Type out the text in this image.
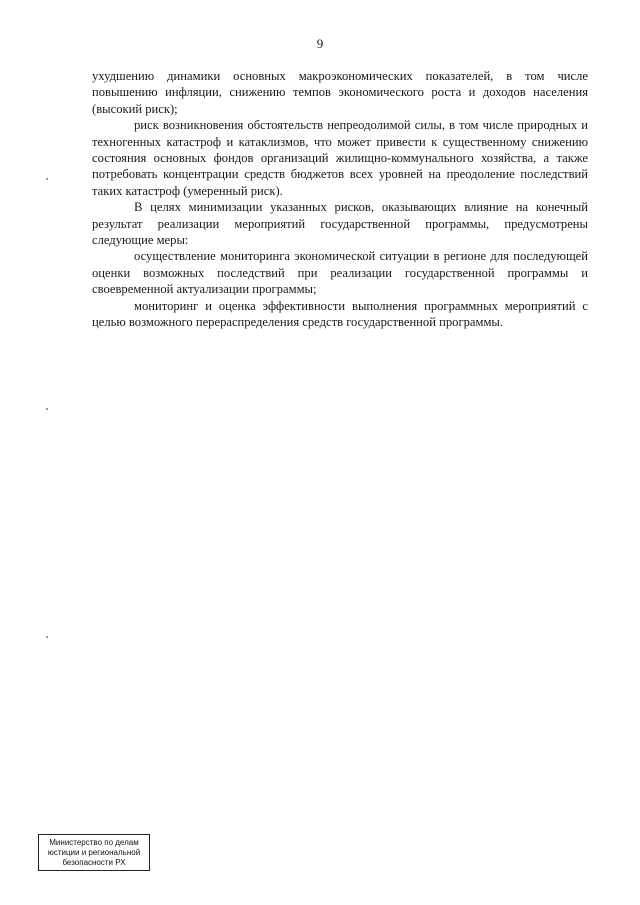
9

ухудшению динамики основных макроэкономических показателей, в том числе повышению инфляции, снижению темпов экономического роста и доходов населения (высокий риск);

риск возникновения обстоятельств непреодолимой силы, в том числе природных и техногенных катастроф и катаклизмов, что может привести к существенному снижению состояния основных фондов организаций жилищно-коммунального хозяйства, а также потребовать концентрации средств бюджетов всех уровней на преодоление последствий таких катастроф (умеренный риск).

В целях минимизации указанных рисков, оказывающих влияние на конечный результат реализации мероприятий государственной программы, предусмотрены следующие меры:

осуществление мониторинга экономической ситуации в регионе для последующей оценки возможных последствий при реализации государственной программы и своевременной актуализации программы;

мониторинг и оценка эффективности выполнения программных мероприятий с целью возможного перераспределения средств государственной программы.

Министерство по делам
юстиции и региональной
безопасности РХ
